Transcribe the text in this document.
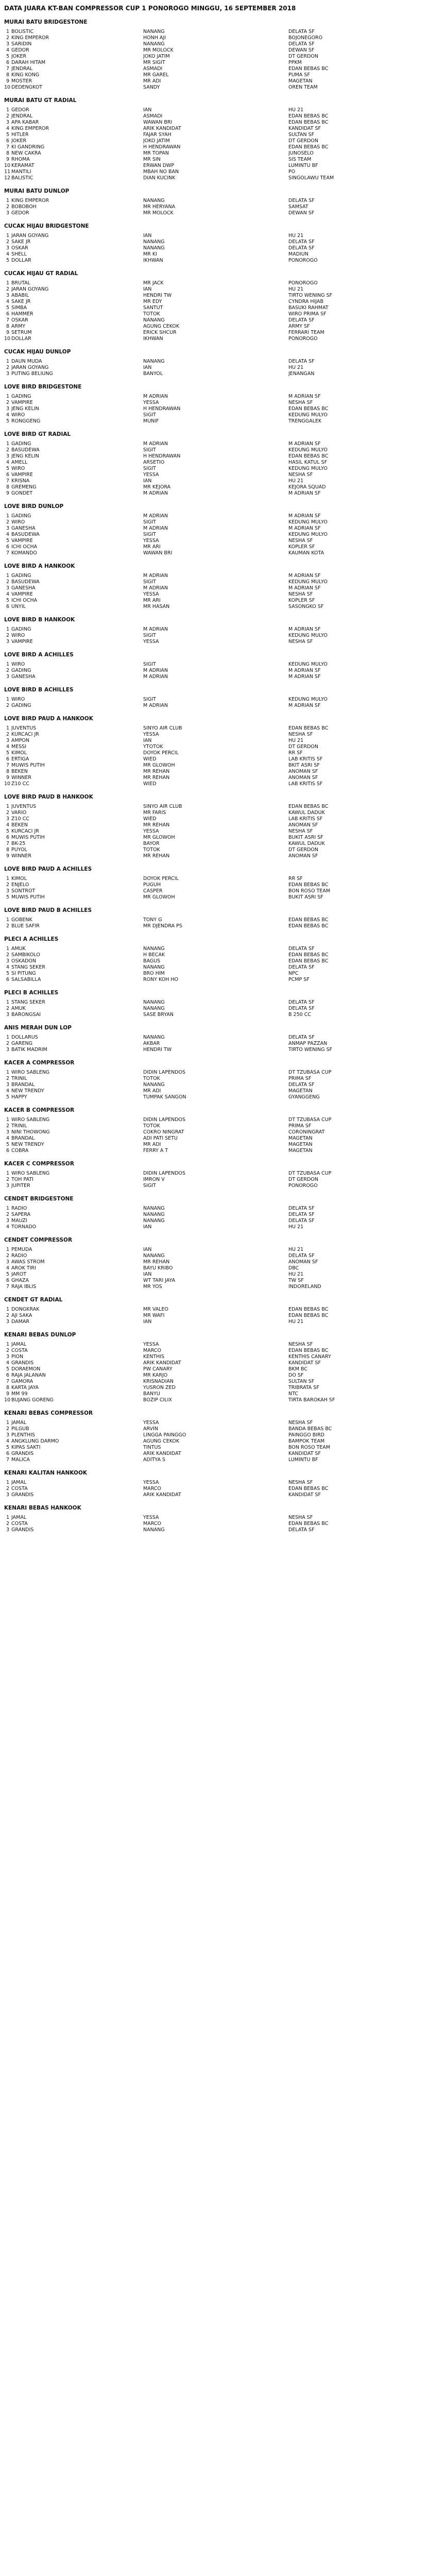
DATA JUARA KT-BAN COMPRESSOR CUP 1 PONOROGO MINGGU, 16 SEPTEMBER 2018
MURAI BATU BRIDGESTONE
1 BOLISTIC	NANANG	DELATA SF
2 KING EMPEROR	HONH AJI	BOJONEGORO
3 SARIDIN	NANANG	DELATA SF
4 GEDOR	MR MOLOCK	DEWAN SF
5 JOKER	JOKO JATIM	DT GERDON
6 DARAH HITAM	MR SIGIT	PPKM
7 JENDRAL	ASMADI	EDAN BEBAS BC
8 KING KONG	MR GAREL	PUMA SF
9 MOSTER	MR ADI	MAGETAN
10 DEDENGKOT	SANDY	OREN TEAM
MURAI BATU GT RADIAL
1 GEDOR	IAN	HU 21
2 JENDRAL	ASMADI	EDAN BEBAS BC
3 APA KABAR	WAWAN BRI	EDAN BEBAS BC
4 KING EMPEROR	ARIK KANDIDAT	KANDIDAT SF
5 HITLER	FAJAR SYAH	SULTAN SF
6 JOKER	JOKO JATIM	DT GERDON
7 KI GANDRING	H HENDRAWAN	EDAN BEBAS BC
8 NEW CAKRA	MR TOPAN	JUNOSELO
9 RHOMA	MR SIN	SIS TEAM
10 KERAMAT	ERWAN DWP	LUMINTU BF
11 MANTILI	MBAH NO BAN	PO
12 BALISTIC	DIAN KUCINK	SINGOLAWU TEAM
MURAI BATU DUNLOP
1 KING EMPEROR	NANANG	DELATA SF
2 BOBOBOH	MR HERYANA	SAMSAT
3 GEDOR	MR MOLOCK	DEWAN SF
CUCAK HIJAU BRIDGESTONE
1 JARAN GOYANG	IAN	HU 21
2 SAKE JR	NANANG	DELATA SF
3 OSKAR	NANANG	DELATA SF
4 SHELL	MR KI	MADIUN
5 DOLLAR	IKHWAN	PONOROGO
CUCAK HIJAU GT RADIAL
1 BRUTAL	MR JACK	PONOROGO
2 JARAN GOYANG	IAN	HU 21
3 ABABIL	HENDRI TW	TIRTO WENING SF
4 SAKE JR	MR EDY	CYNDRA HIJAB
5 SIMBA	SANTUT	BASUKI RAHMAT
6 HAMMER	TOTOK	WIRO PRIMA SF
7 OSKAR	NANANG	DELATA SF
8 ARMY	AGUNG CEKOK	ARMY SF
9 SETRUM	ERICK SHCUR	FERRARI TEAM
10 DOLLAR	IKHWAN	PONOROGO
CUCAK HIJAU DUNLOP
1 DAUN MUDA	NANANG	DELATA SF
2 JARAN GOYANG	IAN	HU 21
3 PUTING BELIUNG	BANYOL	JENANGAN
LOVE BIRD BRIDGESTONE
1 GADING	M ADRIAN	M ADRIAN SF
2 VAMPIRE	YESSA	NESHA SF
3 JENG KELIN	H HENDRAWAN	EDAN BEBAS BC
4 WIRO	SIGIT	KEDUNG MULYO
5 RONGGENG	MUNIF	TRENGGALEK
LOVE BIRD GT RADIAL
1 GADING	M ADRIAN	M ADRIAN SF
2 BASUDEWA	SIGIT	KEDUNG MULYO
3 JENG KELIN	H HENDRAWAN	EDAN BEBAS BC
4 AMELL	ARSETIO	HASIL KATUL SF
5 WIRO	SIGIT	KEDUNG MULYO
6 VAMPIRE	YESSA	NESHA SF
7 KRISNA	IAN	HU 21
8 GREMENG	MR KEJORA	KEJORA SQUAD
9 GONDET	M ADRIAN	M ADRIAN SF
LOVE BIRD DUNLOP
1 GADING	M ADRIAN	M ADRIAN SF
2 WIRO	SIGIT	KEDUNG MULYO
3 GANESHA	M ADRIAN	M ADRIAN SF
4 BASUDEWA	SIGIT	KEDUNG MULYO
5 VAMPIRE	YESSA	NESHA SF
6 ICHI OCHA	MR ARI	KOPLER SF
7 KOMANDO	WAWAN BRI	KAUMAN KOTA
LOVE BIRD A HANKOOK
1 GADING	M ADRIAN	M ADRIAN SF
2 BASUDEWA	SIGIT	KEDUNG MULYO
3 GANESHA	M ADRIAN	M ADRIAN SF
4 VAMPIRE	YESSA	NESHA SF
5 ICHI OCHA	MR ARI	KOPLER SF
6 UNYIL	MR HASAN	SASONGKO SF
LOVE BIRD B HANKOOK
1 GADING	M ADRIAN	M ADRIAN SF
2 WIRO	SIGIT	KEDUNG MULYO
3 VAMPIRE	YESSA	NESHA SF
LOVE BIRD A ACHILLES
1 WIRO	SIGIT	KEDUNG MULYO
2 GADING	M ADRIAN	M ADRIAN SF
3 GANESHA	M ADRIAN	M ADRIAN SF
LOVE BIRD B ACHILLES
1 WIRO	SIGIT	KEDUNG MULYO
2 GADING	M ADRIAN	M ADRIAN SF
LOVE BIRD PAUD A HANKOOK
1 JUVENTUS	SINYO AIR CLUB	EDAN BEBAS BC
2 KURCACI JR	YESSA	NESHA SF
3 AMPON	IAN	HU 21
4 MESSI	YTOTOK	DT GERDON
5 KIMOL	DOYOK PERCIL	RR SF
6 ERTIGA	WIED	LAB KRITIS SF
7 MUWIS PUTIH	MR GLOWOH	BKIT ASRI SF
8 BEKEN	MR REHAN	ANOMAN SF
9 WINNER	MR REHAN	ANOMAN SF
10 Z10 CC	WIED	LAB KRITIS SF
LOVE BIRD PAUD B HANKOOK
1 JUVENTUS	SINYO AIR CLUB	EDAN BEBAS BC
2 VARIO	MR FARIS	KAWUL DADUK
3 Z10 CC	WIED	LAB KRITIS SF
4 BEKEN	MR REHAN	ANOMAN SF
5 KURCACI JR	YESSA	NESHA SF
6 MUWIS PUTIH	MR GLOWOH	BUKIT ASRI SF
7 BK-25	BAYOR	KAWUL DADUK
8 PUYOL	TOTOK	DT GERDON
9 WINNER	MR REHAN	ANOMAN SF
LOVE BIRD PAUD A ACHILLES
1 KIMOL	DOYOK PERCIL	RR SF
2 ENJELO	PUGUH	EDAN BEBAS BC
3 SONTROT	CASPER	BON ROSO TEAM
5 MUWIS PUTIH	MR GLOWOH	BUKIT ASRI SF
LOVE BIRD PAUD B ACHILLES
1 GOBENK	TONY G	EDAN BEBAS BC
2 BLUE SAFIR	MR DJENDRA PS	EDAN BEBAS BC
PLECI A ACHILLES
1 AMUK	NANANG	DELATA SF
2 SAMBIKOLO	H BECAK	EDAN BEBAS BC
3 OSKADON	BAGUS	EDAN BEBAS BC
4 STANG SEKER	NANANG	DELATA SF
5 SI PITUNG	BRO HIM	NPC
6 SALSABILLA	RONY KOH HO	PCMP SF
PLECI B ACHILLES
1 STANG SEKER	NANANG	DELATA SF
2 AMUK	NANANG	DELATA SF
3 BARONGSAI	SASE BRYAN	B 250 CC
ANIS MERAH DUN LOP
1 DOLLARUS	NANANG	DELATA SF
2 GARENG	AKBAR	ANMAP PAZZAN
3 BATIK MADRIM	HENDRI TW	TIRTO WENING SF
KACER A COMPRESSOR
1 WIRO SABLENG	DIDIN LAPENDOS	DT TZUBASA CUP
2 TRINIL	TOTOK	PRIMA SF
3 BRANDAL	NANANG	DELATA SF
4 NEW TRENDY	MR ADI	MAGETAN
5 HAPPY	TUMPAK SANGON	GYANGGENG
KACER B COMPRESSOR
1 WIRO SABLENG	DIDIN LAPENDOS	DT TZUBASA CUP
2 TRINIL	TOTOK	PRIMA SF
3 NINI THOWONG	COKRO NINGRAT	CORONINGRAT
4 BRANDAL	ADI PATI SETU	MAGETAN
5 NEW TRENDY	MR ADI	MAGETAN
6 COBRA	FERRY A T	MAGETAN
KACER C COMPRESSOR
1 WIRO SABLENG	DIDIN LAPENDOS	DT TZUBASA CUP
2 TOH PATI	IMRON V	DT GERDON
3 JUPITER	SIGIT	PONOROGO
CENDET BRIDGESTONE
1 RADIO	NANANG	DELATA SF
2 SAPERA	NANANG	DELATA SF
3 MAUZI	NANANG	DELATA SF
4 TORNADO	IAN	HU 21
CENDET COMPRESSOR
1 PEMUDA	IAN	HU 21
2 RADIO	NANANG	DELATA SF
3 AWAS STROM	MR REHAN	ANOMAN SF
4 AROK TIRI	BAYU KRIBO	DBC
5 JAROT	IAN	HU 21
6 GHAZA	WT TARI JAYA	TW SF
7 RAJA IBLIS	MR YOS	INDORELAND
CENDET GT RADIAL
1 DONGKRAK	MR VALEO	EDAN BEBAS BC
2 AJI SAKA	MR WAFI	EDAN BEBAS BC
3 DAMAR	IAN	HU 21
KENARI BEBAS DUNLOP
1 JAMAL	YESSA	NESHA SF
2 COSTA	MARCO	EDAN BEBAS BC
3 PION	KENTHIS	KENTHIS CANARY
4 GRANDIS	ARIK KANDIDAT	KANDIDAT SF
5 DORAEMON	PW CANARY	BKM BC
6 RAJA JALANAN	MR KARJO	DO SF
7 GAMORA	KRISNADIAN	SULTAN SF
8 KARTA JAYA	YUSRON ZED	TRIBRATA SF
9 MM 99	BANYU	NTC
10 BUJANG GORENG	BOZIP CILIX	TIRTA BAROKAH SF
KENARI BEBAS COMPRESSOR
1 JAMAL	YESSA	NESHA SF
2 PILGUB	ARVIN	BANDA BEBAS BC
3 PLENTHIS	LINGGA PAINGGO	PAINGGO BIRD
4 ANGKLUNG DARMO	AGUNG CEKOK	BAMPOK TEAM
5 KIPAS SAKTI	TINTUS	BON ROSO TEAM
6 GRANDIS	ARIK KANDIDAT	KANDIDAT SF
7 MALICA	ADITYA S	LUMINTU BF
KENARI KALITAN HANKOOK
1 JAMAL	YESSA	NESHA SF
2 COSTA	MARCO	EDAN BEBAS BC
3 GRANDIS	ARIK KANDIDAT	KANDIDAT SF
KENARI BEBAS HANKOOK
1 JAMAL	YESSA	NESHA SF
2 COSTA	MARCO	EDAN BEBAS BC
3 GRANDIS	NANANG	DELATA SF
